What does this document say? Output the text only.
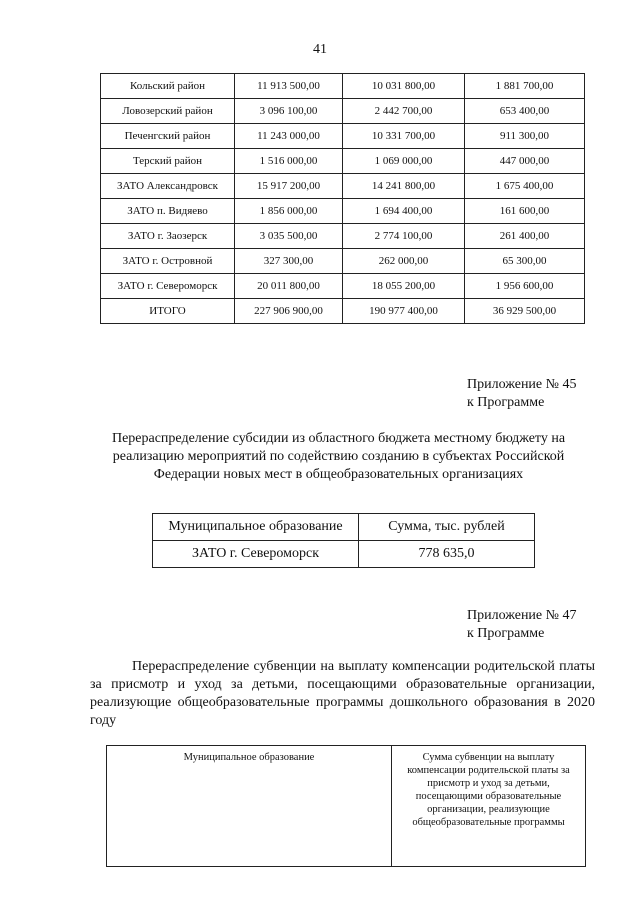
41
Кольский район	11 913 500,00	10 031 800,00	1 881 700,00
Ловозерский район	3 096 100,00	2 442 700,00	653 400,00
Печенгский район	11 243 000,00	10 331 700,00	911 300,00
Терский район	1 516 000,00	1 069 000,00	447 000,00
ЗАТО Александровск	15 917 200,00	14 241 800,00	1 675 400,00
ЗАТО п. Видяево	1 856 000,00	1 694 400,00	161 600,00
ЗАТО г. Заозерск	3 035 500,00	2 774 100,00	261 400,00
ЗАТО г. Островной	327 300,00	262 000,00	65 300,00
ЗАТО г. Североморск	20 011 800,00	18 055 200,00	1 956 600,00
ИТОГО	227 906 900,00	190 977 400,00	36 929 500,00
Приложение № 45
к Программе
Перераспределение субсидии из областного бюджета местному бюджету на реализацию мероприятий по содействию созданию в субъектах Российской Федерации новых мест в общеобразовательных организациях
Муниципальное образование	Сумма, тыс. рублей
ЗАТО г. Североморск	778 635,0
Приложение № 47
к Программе
Перераспределение субвенции на выплату компенсации родительской платы за присмотр и уход за детьми, посещающими образовательные организации, реализующие общеобразовательные программы дошкольного образования в 2020 году
Муниципальное образование	Сумма субвенции на выплату компенсации родительской платы за присмотр и уход за детьми, посещающими образовательные организации, реализующие общеобразовательные программы
